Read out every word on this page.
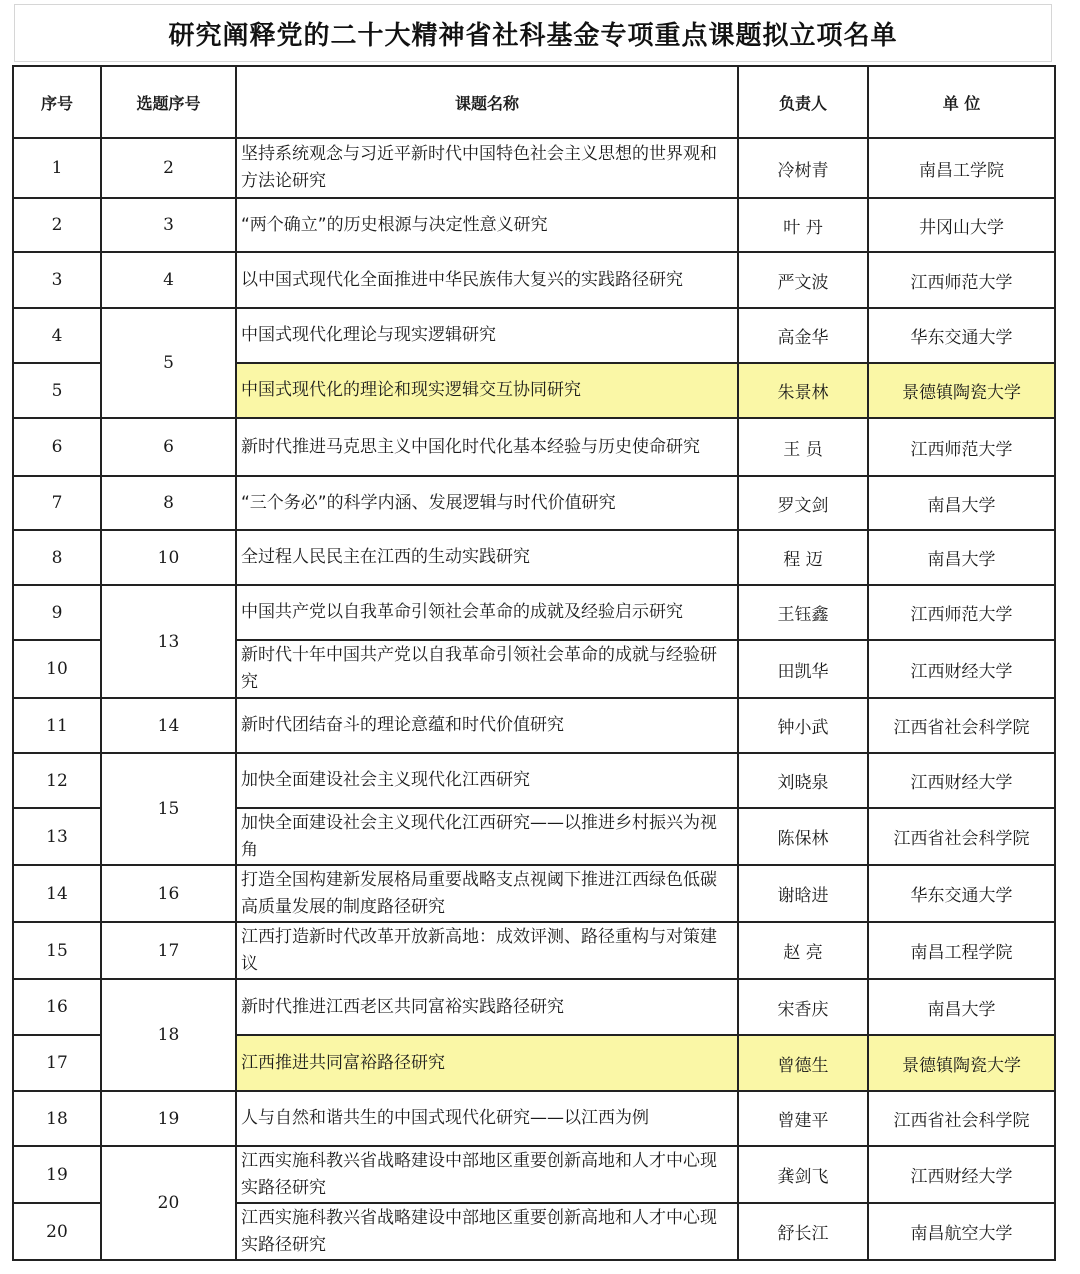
研究阐释党的二十大精神省社科基金专项重点课题拟立项名单
序号	选题序号	课题名称	负责人	单 位
1	2	坚持系统观念与习近平新时代中国特色社会主义思想的世界观和方法论研究	冷树青	南昌工学院
2	3	“两个确立”的历史根源与决定性意义研究	叶 丹	井冈山大学
3	4	以中国式现代化全面推进中华民族伟大复兴的实践路径研究	严文波	江西师范大学
4	5	中国式现代化理论与现实逻辑研究	高金华	华东交通大学
5		中国式现代化的理论和现实逻辑交互协同研究	朱景林	景德镇陶瓷大学
6	6	新时代推进马克思主义中国化时代化基本经验与历史使命研究	王 员	江西师范大学
7	8	“三个务必”的科学内涵、发展逻辑与时代价值研究	罗文剑	南昌大学
8	10	全过程人民民主在江西的生动实践研究	程 迈	南昌大学
9	13	中国共产党以自我革命引领社会革命的成就及经验启示研究	王钰鑫	江西师范大学
10		新时代十年中国共产党以自我革命引领社会革命的成就与经验研究	田凯华	江西财经大学
11	14	新时代团结奋斗的理论意蕴和时代价值研究	钟小武	江西省社会科学院
12	15	加快全面建设社会主义现代化江西研究	刘晓泉	江西财经大学
13		加快全面建设社会主义现代化江西研究——以推进乡村振兴为视角	陈保林	江西省社会科学院
14	16	打造全国构建新发展格局重要战略支点视阈下推进江西绿色低碳高质量发展的制度路径研究	谢晗进	华东交通大学
15	17	江西打造新时代改革开放新高地：成效评测、路径重构与对策建议	赵 亮	南昌工程学院
16	18	新时代推进江西老区共同富裕实践路径研究	宋香庆	南昌大学
17		江西推进共同富裕路径研究	曾德生	景德镇陶瓷大学
18	19	人与自然和谐共生的中国式现代化研究——以江西为例	曾建平	江西省社会科学院
19	20	江西实施科教兴省战略建设中部地区重要创新高地和人才中心现实路径研究	龚剑飞	江西财经大学
20		江西实施科教兴省战略建设中部地区重要创新高地和人才中心现实路径研究	舒长江	南昌航空大学
